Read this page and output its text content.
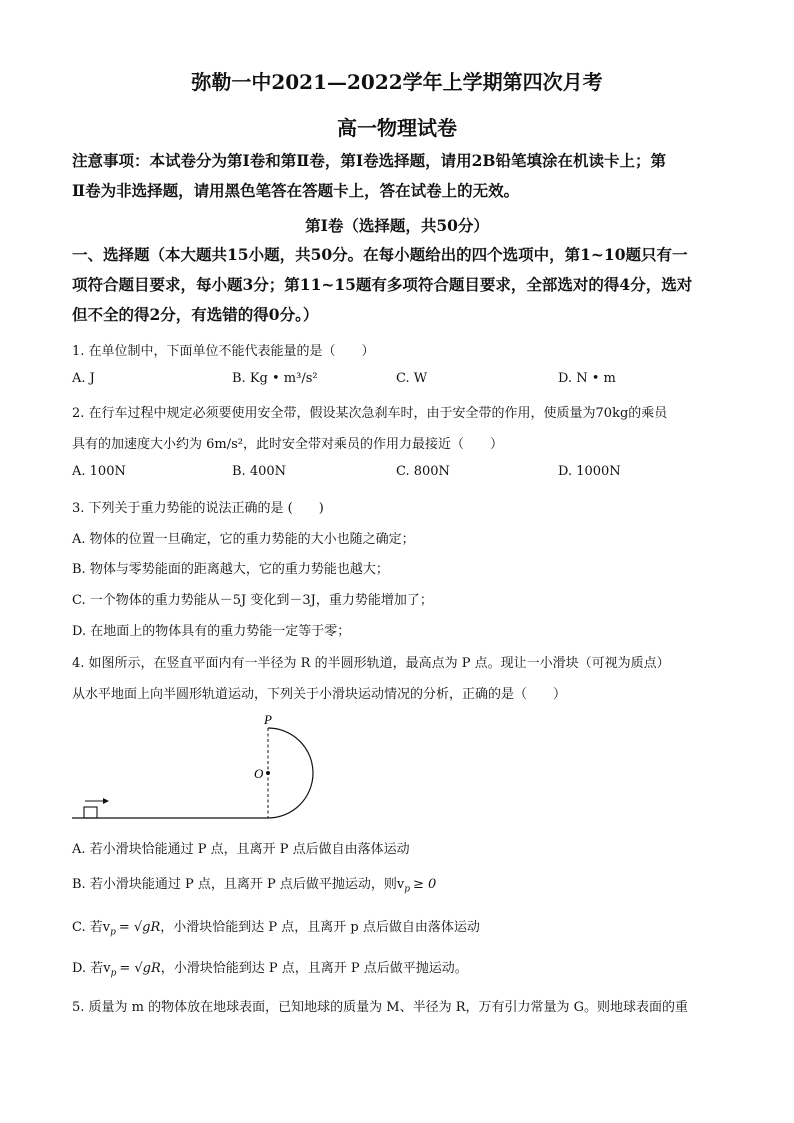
弥勒一中2021—2022学年上学期第四次月考
高一物理试卷
注意事项：本试卷分为第Ⅰ卷和第Ⅱ卷，第Ⅰ卷选择题，请用2B铅笔填涂在机读卡上；第
Ⅱ卷为非选择题，请用黑色笔答在答题卡上，答在试卷上的无效。
第Ⅰ卷（选择题，共50分）
一、选择题（本大题共15小题，共50分。在每小题给出的四个选项中，第1~10题只有一
项符合题目要求，每小题3分；第11~15题有多项符合题目要求，全部选对的得4分，选对
但不全的得2分，有选错的得0分。）
1. 在单位制中，下面单位不能代表能量的是（　　）
A. J	B. Kg • m³/s²	C. W	D. N • m
2. 在行车过程中规定必须要使用安全带，假设某次急刹车时，由于安全带的作用，使质量为70kg的乘员
具有的加速度大小约为 6m/s²，此时安全带对乘员的作用力最接近（　　）
A. 100N	B. 400N	C. 800N	D. 1000N
3. 下列关于重力势能的说法正确的是 (　　)
A. 物体的位置一旦确定，它的重力势能的大小也随之确定；
B. 物体与零势能面的距离越大，它的重力势能也越大；
C. 一个物体的重力势能从－5J 变化到－3J，重力势能增加了；
D. 在地面上的物体具有的重力势能一定等于零；
4. 如图所示，在竖直平面内有一半径为 R 的半圆形轨道，最高点为 P 点。现让一小滑块（可视为质点）
从水平地面上向半圆形轨道运动，下列关于小滑块运动情况的分析，正确的是（　　）
P
O
A. 若小滑块恰能通过 P 点，且离开 P 点后做自由落体运动
B. 若小滑块能通过 P 点，且离开 P 点后做平抛运动，则$v_p \ge 0$
C. 若$v_p = √gR$，小滑块恰能到达 P 点，且离开 p 点后做自由落体运动
D. 若$v_p = √gR$，小滑块恰能到达 P 点，且离开 P 点后做平抛运动。
5. 质量为 m 的物体放在地球表面，已知地球的质量为 M、半径为 R，万有引力常量为 G。则地球表面的重
